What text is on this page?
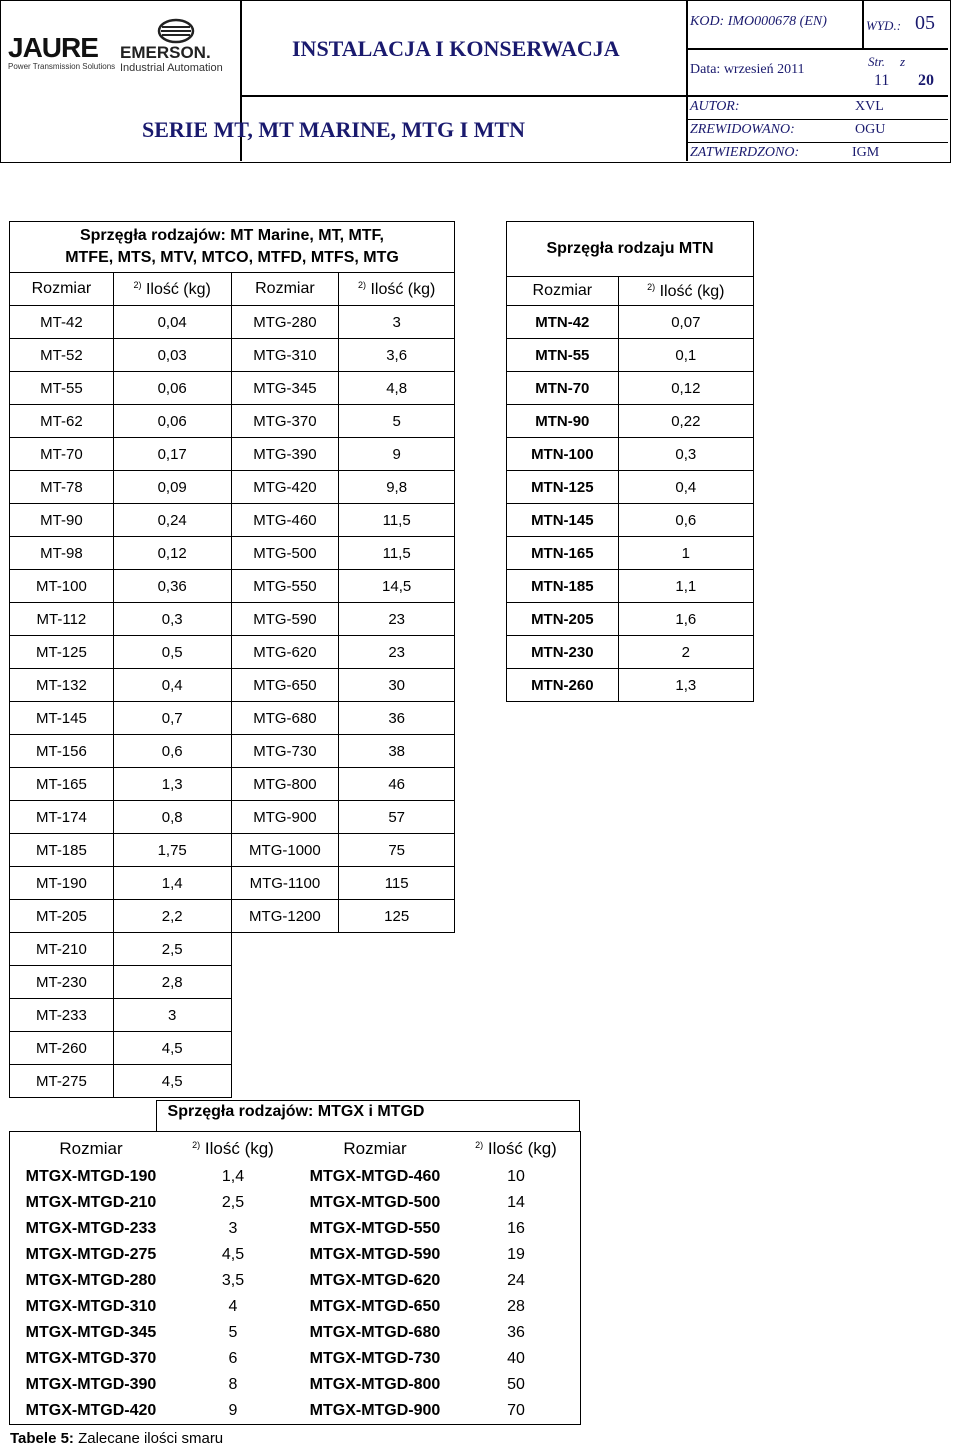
JAURE
Power Transmission Solutions
EMERSON.
Industrial Automation
INSTALACJA I KONSERWACJA
SERIE MT, MT MARINE, MTG I MTN
KOD: IMO000678 (EN)	WYD.: 05
Data: wrzesień 2011
Str. z
11 20
AUTOR:	XVL
ZREWIDOWANO:	OGU
ZATWIERDZONO:	IGM
Sprzęgła rodzajów: MT Marine, MT, MTF,
MTFE, MTS, MTV, MTCO, MTFD, MTFS, MTG			

Rozmiar	$^{2)}$ Ilość (kg)	Rozmiar	$^{2)}$ Ilość (kg)
MT-42	0,04	MTG-280	3
MT-52	0,03	MTG-310	3,6
MT-55	0,06	MTG-345	4,8
MT-62	0,06	MTG-370	5
MT-70	0,17	MTG-390	9
MT-78	0,09	MTG-420	9,8
MT-90	0,24	MTG-460	11,5
MT-98	0,12	MTG-500	11,5
MT-100	0,36	MTG-550	14,5
MT-112	0,3	MTG-590	23
MT-125	0,5	MTG-620	23
MT-132	0,4	MTG-650	30
MT-145	0,7	MTG-680	36
MT-156	0,6	MTG-730	38
MT-165	1,3	MTG-800	46
MT-174	0,8	MTG-900	57
MT-185	1,75	MTG-1000	75
MT-190	1,4	MTG-1100	115
MT-205	2,2	MTG-1200	125
MT-210	2,5		
MT-230	2,8		
MT-233	3		
MT-260	4,5		
MT-275	4,5		
Sprzęgła rodzaju MTN	
Rozmiar	$^{2)}$ Ilość (kg)
MTN-42	0,07
MTN-55	0,1
MTN-70	0,12
MTN-90	0,22
MTN-100	0,3
MTN-125	0,4
MTN-145	0,6
MTN-165	1
MTN-185	1,1
MTN-205	1,6
MTN-230	2
MTN-260	1,3
Sprzęgła rodzajów: MTGX i MTGD
Rozmiar	$^{2)}$ Ilość (kg)	Rozmiar	$^{2)}$ Ilość (kg)
MTGX-MTGD-190	1,4	MTGX-MTGD-460	10
MTGX-MTGD-210	2,5	MTGX-MTGD-500	14
MTGX-MTGD-233	3	MTGX-MTGD-550	16
MTGX-MTGD-275	4,5	MTGX-MTGD-590	19
MTGX-MTGD-280	3,5	MTGX-MTGD-620	24
MTGX-MTGD-310	4	MTGX-MTGD-650	28
MTGX-MTGD-345	5	MTGX-MTGD-680	36
MTGX-MTGD-370	6	MTGX-MTGD-730	40
MTGX-MTGD-390	8	MTGX-MTGD-800	50
MTGX-MTGD-420	9	MTGX-MTGD-900	70
Tabele 5: Zalecane ilości smaru
